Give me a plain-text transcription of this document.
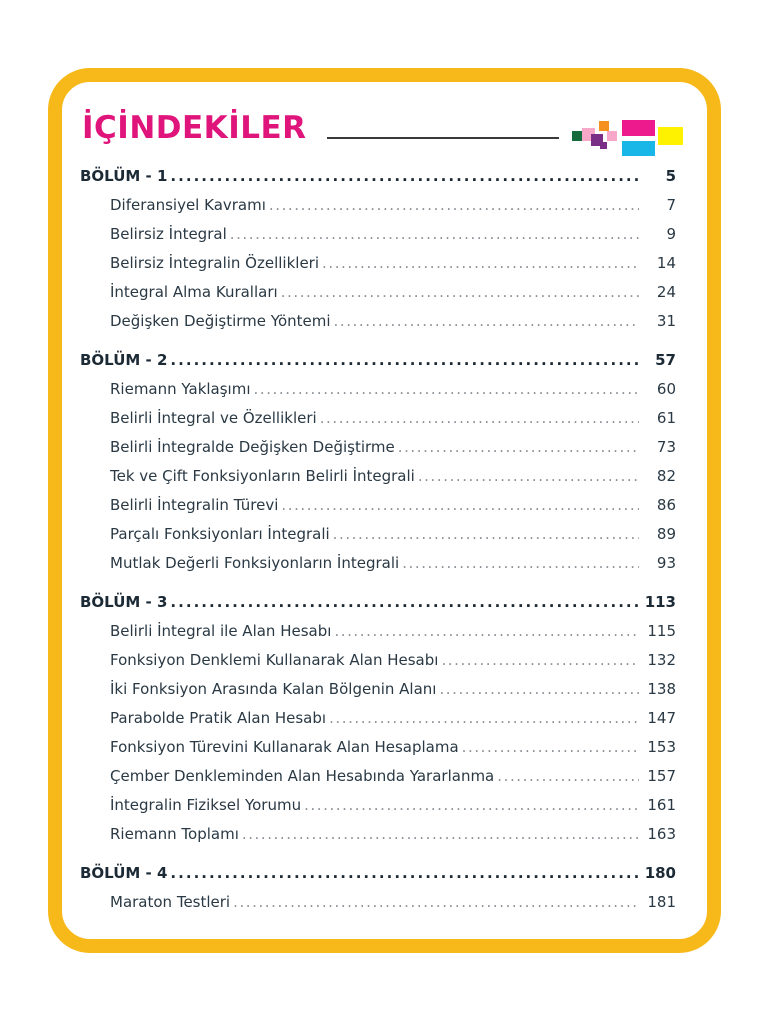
İÇİNDEKİLER
BÖLÜM - 1 . . .	5
Diferansiyel Kavramı . . .	7
Belirsiz İntegral . . .	9
Belirsiz İntegralin Özellikleri . . .	14
İntegral Alma Kuralları . . .	24
Değişken Değiştirme Yöntemi . . .	31
BÖLÜM - 2 . . .	57
Riemann Yaklaşımı . . .	60
Belirli İntegral ve Özellikleri . . .	61
Belirli İntegralde Değişken Değiştirme . . .	73
Tek ve Çift Fonksiyonların Belirli İntegrali . . .	82
Belirli İntegralin Türevi . . .	86
Parçalı Fonksiyonları İntegrali . . .	89
Mutlak Değerli Fonksiyonların İntegrali . . .	93
BÖLÜM - 3 . . .	113
Belirli İntegral ile Alan Hesabı . . .	115
Fonksiyon Denklemi Kullanarak Alan Hesabı . . .	132
İki Fonksiyon Arasında Kalan Bölgenin Alanı . . .	138
Parabolde Pratik Alan Hesabı . . .	147
Fonksiyon Türevini Kullanarak Alan Hesaplama . . .	153
Çember Denkleminden Alan Hesabında Yararlanma . . .	157
İntegralin Fiziksel Yorumu . . .	161
Riemann Toplamı . . .	163
BÖLÜM - 4 . . .	180
Maraton Testleri . . .	181
